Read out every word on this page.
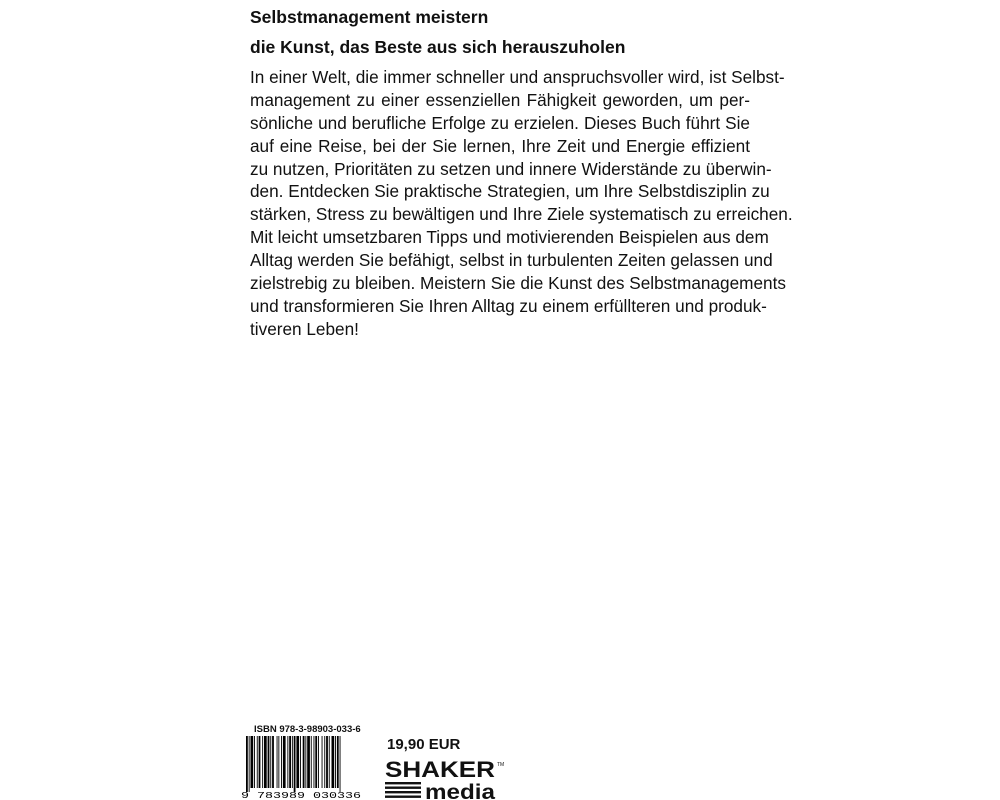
Selbstmanagement meistern
die Kunst, das Beste aus sich herauszuholen
In einer Welt, die immer schneller und anspruchsvoller wird, ist Selbst-
management zu einer essenziellen Fähigkeit geworden, um per-
sönliche und berufliche Erfolge zu erzielen. Dieses Buch führt Sie
auf eine Reise, bei der Sie lernen, Ihre Zeit und Energie effizient
zu nutzen, Prioritäten zu setzen und innere Widerstände zu überwin-
den. Entdecken Sie praktische Strategien, um Ihre Selbstdisziplin zu
stärken, Stress zu bewältigen und Ihre Ziele systematisch zu erreichen.
Mit leicht umsetzbaren Tipps und motivierenden Beispielen aus dem
Alltag werden Sie befähigt, selbst in turbulenten Zeiten gelassen und
zielstrebig zu bleiben. Meistern Sie die Kunst des Selbstmanagements
und transformieren Sie Ihren Alltag zu einem erfüllteren und produk-
tiveren Leben!
ISBN 978-3-98903-033-6
9 783989 030336
19,90 EUR
SHAKER TM
media
